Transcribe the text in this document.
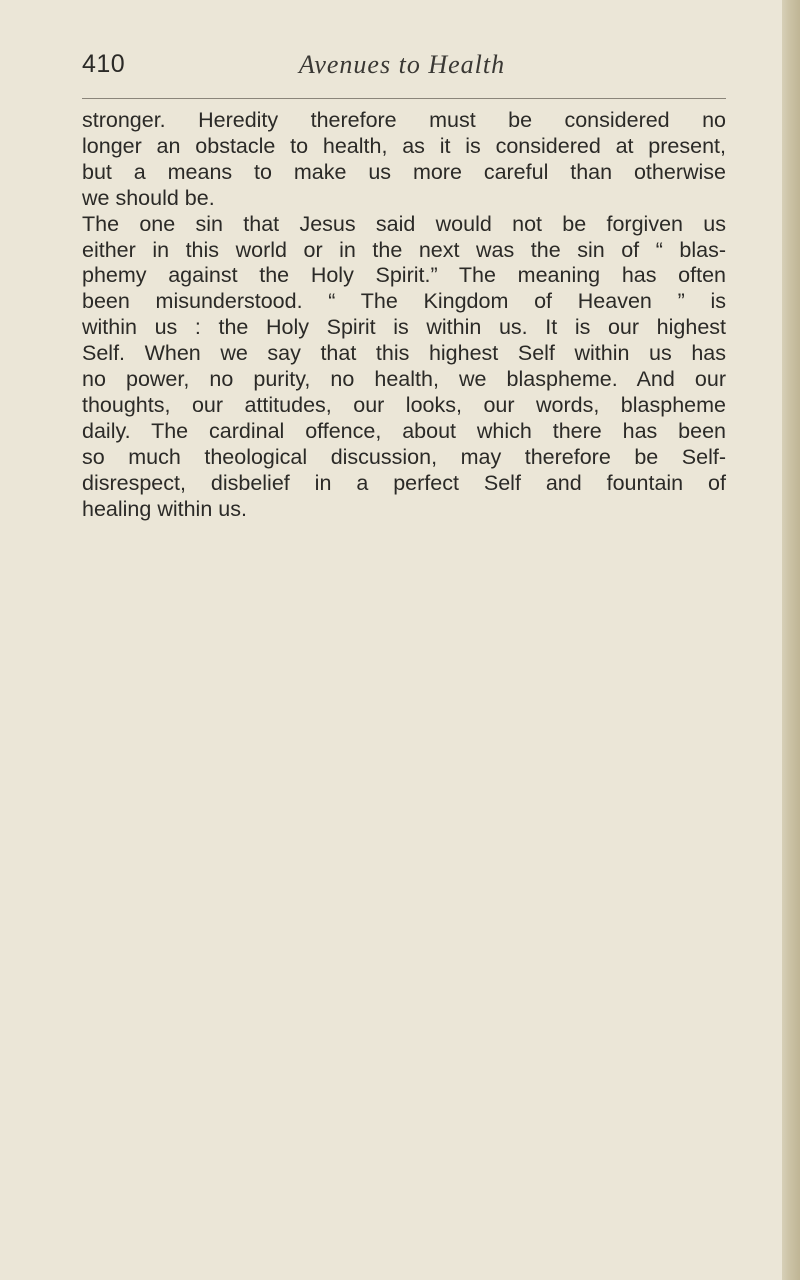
410	Avenues to Health
stronger. Heredity therefore must be considered no
longer an obstacle to health, as it is considered at present,
but a means to make us more careful than otherwise
we should be.
The one sin that Jesus said would not be forgiven us
either in this world or in the next was the sin of “ blas-
phemy against the Holy Spirit.” The meaning has often
been misunderstood. “ The Kingdom of Heaven ” is
within us : the Holy Spirit is within us. It is our highest
Self. When we say that this highest Self within us has
no power, no purity, no health, we blaspheme. And our
thoughts, our attitudes, our looks, our words, blaspheme
daily. The cardinal offence, about which there has been
so much theological discussion, may therefore be Self-
disrespect, disbelief in a perfect Self and fountain of
healing within us.
